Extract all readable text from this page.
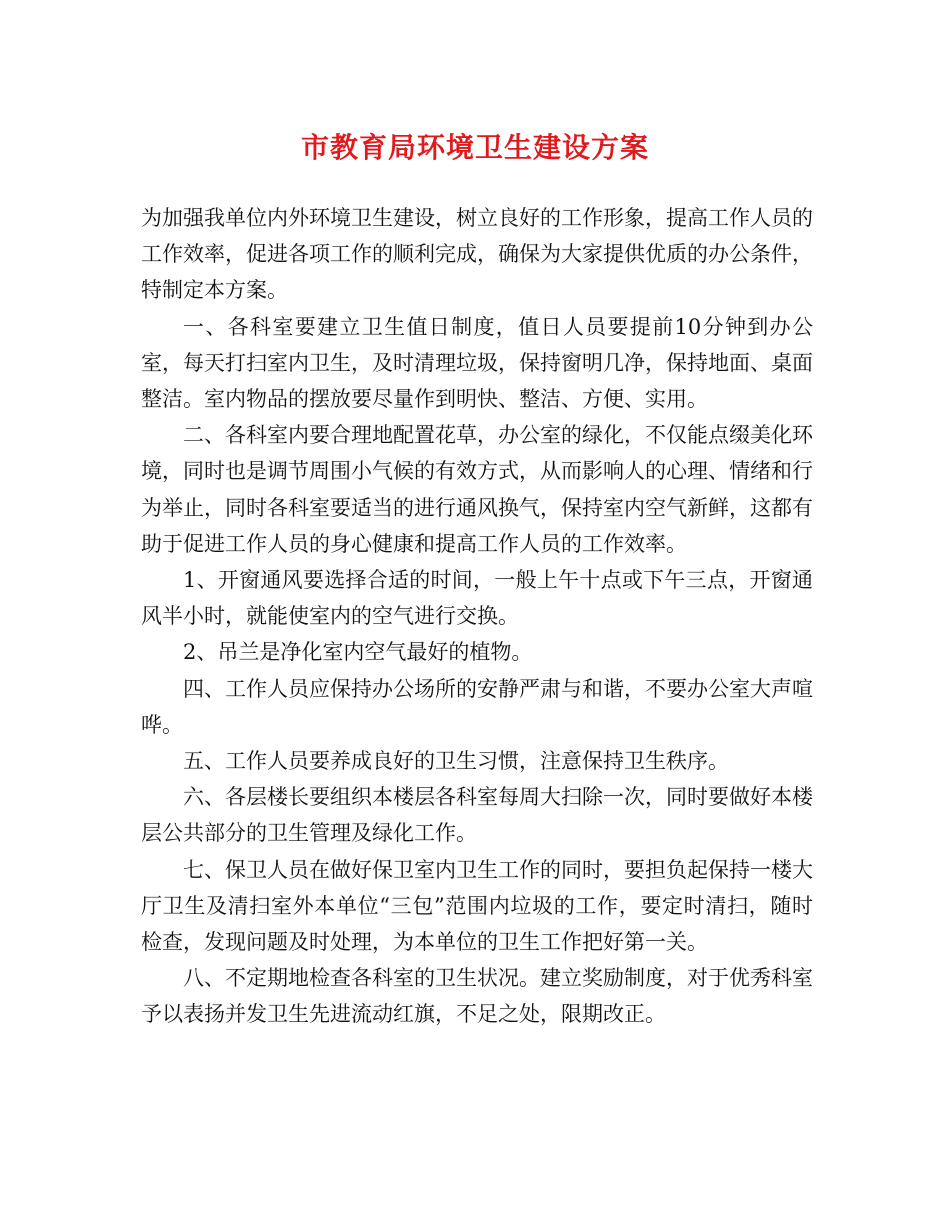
市教育局环境卫生建设方案

为加强我单位内外环境卫生建设，树立良好的工作形象，提高工作人员的工作效率，促进各项工作的顺利完成，确保为大家提供优质的办公条件，特制定本方案。

一、各科室要建立卫生值日制度，值日人员要提前10分钟到办公室，每天打扫室内卫生，及时清理垃圾，保持窗明几净，保持地面、桌面整洁。室内物品的摆放要尽量作到明快、整洁、方便、实用。

二、各科室内要合理地配置花草，办公室的绿化，不仅能点缀美化环境，同时也是调节周围小气候的有效方式，从而影响人的心理、情绪和行为举止，同时各科室要适当的进行通风换气，保持室内空气新鲜，这都有助于促进工作人员的身心健康和提高工作人员的工作效率。

1、开窗通风要选择合适的时间，一般上午十点或下午三点，开窗通风半小时，就能使室内的空气进行交换。

2、吊兰是净化室内空气最好的植物。

四、工作人员应保持办公场所的安静严肃与和谐，不要办公室大声喧哗。

五、工作人员要养成良好的卫生习惯，注意保持卫生秩序。

六、各层楼长要组织本楼层各科室每周大扫除一次，同时要做好本楼层公共部分的卫生管理及绿化工作。

七、保卫人员在做好保卫室内卫生工作的同时，要担负起保持一楼大厅卫生及清扫室外本单位“三包”范围内垃圾的工作，要定时清扫，随时检查，发现问题及时处理，为本单位的卫生工作把好第一关。

八、不定期地检查各科室的卫生状况。建立奖励制度，对于优秀科室予以表扬并发卫生先进流动红旗，不足之处，限期改正。
